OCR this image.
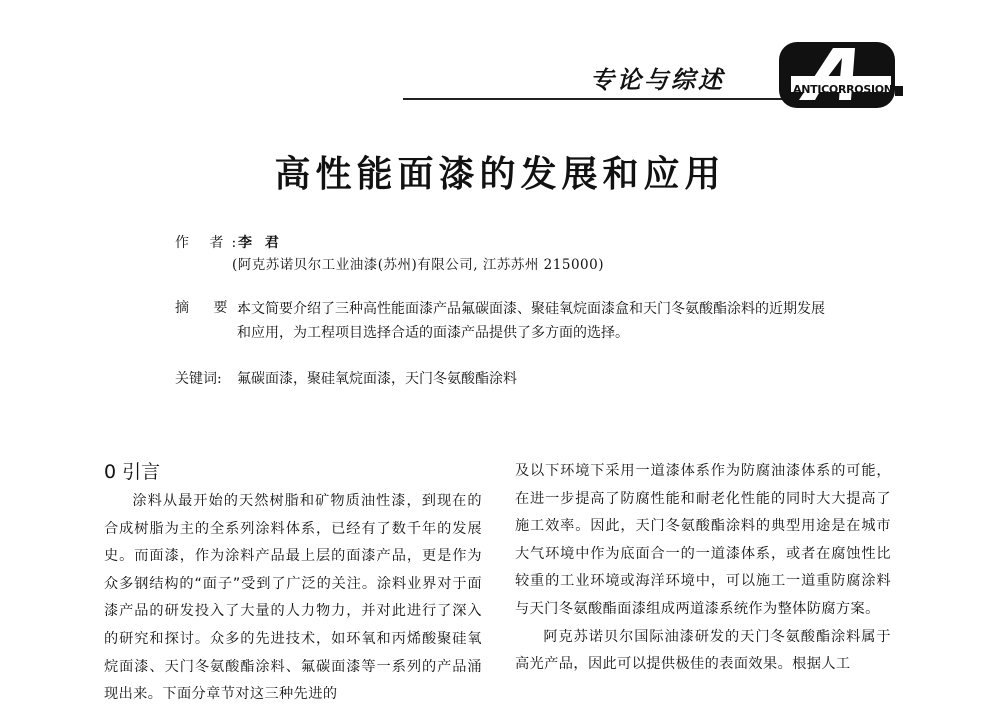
专论与综述	ANTICORROSION
高性能面漆的发展和应用
作 者:
李 君
(阿克苏诺贝尔工业油漆(苏州)有限公司, 江苏苏州 215000)
摘 要:
本文简要介绍了三种高性能面漆产品氟碳面漆、聚硅氧烷面漆盒和天门冬氨酸酯涂料的近期发展和应用，为工程项目选择合适的面漆产品提供了多方面的选择。
关键词: 氟碳面漆，聚硅氧烷面漆，天门冬氨酸酯涂料
0 引言

涂料从最开始的天然树脂和矿物质油性漆，到现在的合成树脂为主的全系列涂料体系，已经有了数千年的发展史。而面漆，作为涂料产品最上层的面漆产品，更是作为众多钢结构的“面子”受到了广泛的关注。涂料业界对于面漆产品的研发投入了大量的人力物力，并对此进行了深入的研究和探讨。众多的先进技术，如环氧和丙烯酸聚硅氧烷面漆、天门冬氨酸酯涂料、氟碳面漆等一系列的产品涌现出来。下面分章节对这三种先进的

及以下环境下采用一道漆体系作为防腐油漆体系的可能，在进一步提高了防腐性能和耐老化性能的同时大大提高了施工效率。因此，天门冬氨酸酯涂料的典型用途是在城市大气环境中作为底面合一的一道漆体系，或者在腐蚀性比较重的工业环境或海洋环境中，可以施工一道重防腐涂料与天门冬氨酸酯面漆组成两道漆系统作为整体防腐方案。

阿克苏诺贝尔国际油漆研发的天门冬氨酸酯涂料属于高光产品，因此可以提供极佳的表面效果。根据人工
